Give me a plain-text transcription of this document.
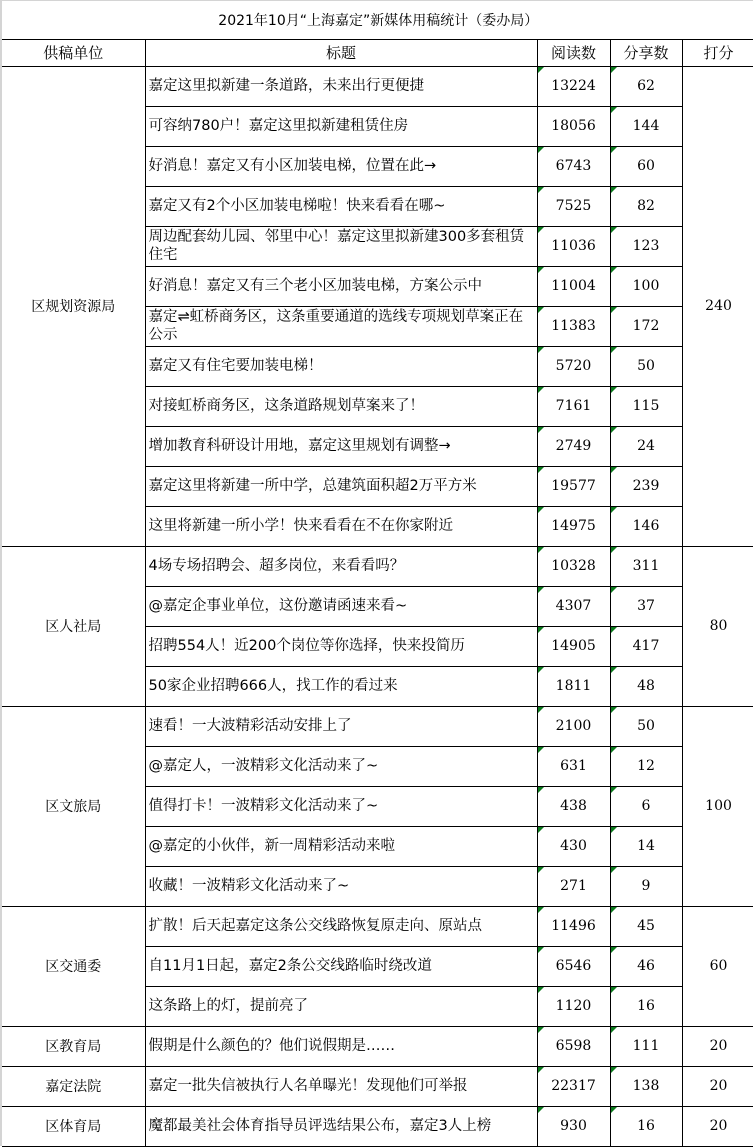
2021年10月“上海嘉定”新媒体用稿统计（委办局）				
供稿单位	标题	阅读数	分享数	打分
区规划资源局	嘉定这里拟新建一条道路，未来出行更便捷	13224	62	240
	可容纳780户！嘉定这里拟新建租赁住房	18056	144	

	好消息！嘉定又有小区加装电梯，位置在此→	6743	60	

	嘉定又有2个小区加装电梯啦！快来看看在哪~	7525	82	

	周边配套幼儿园、邻里中心！嘉定这里拟新建300多套租赁住宅	11036	123	

	好消息！嘉定又有三个老小区加装电梯，方案公示中	11004	100	

	嘉定⇌虹桥商务区，这条重要通道的选线专项规划草案正在公示	11383	172	

	嘉定又有住宅要加装电梯！	5720	50	

	对接虹桥商务区，这条道路规划草案来了！	7161	115	

	增加教育科研设计用地，嘉定这里规划有调整→	2749	24	

	嘉定这里将新建一所中学，总建筑面积超2万平方米	19577	239	

	这里将新建一所小学！快来看看在不在你家附近	14975	146	

区人社局	4场专场招聘会、超多岗位，来看看吗？	10328	311	80
	@嘉定企事业单位，这份邀请函速来看~	4307	37	

	招聘554人！近200个岗位等你选择，快来投简历	14905	417	

	50家企业招聘666人，找工作的看过来	1811	48	

区文旅局	速看！一大波精彩活动安排上了	2100	50	100
	@嘉定人，一波精彩文化活动来了~	631	12	

	值得打卡！一波精彩文化活动来了~	438	6	

	@嘉定的小伙伴，新一周精彩活动来啦	430	14	

	收藏！一波精彩文化活动来了~	271	9	

区交通委	扩散！后天起嘉定这条公交线路恢复原走向、原站点	11496	45	60
	自11月1日起，嘉定2条公交线路临时绕改道	6546	46	

	这条路上的灯，提前亮了	1120	16	

区教育局	假期是什么颜色的？他们说假期是……	6598	111	20
嘉定法院	嘉定一批失信被执行人名单曝光！发现他们可举报	22317	138	20
区体育局	魔都最美社会体育指导员评选结果公布，嘉定3人上榜	930	16	20
